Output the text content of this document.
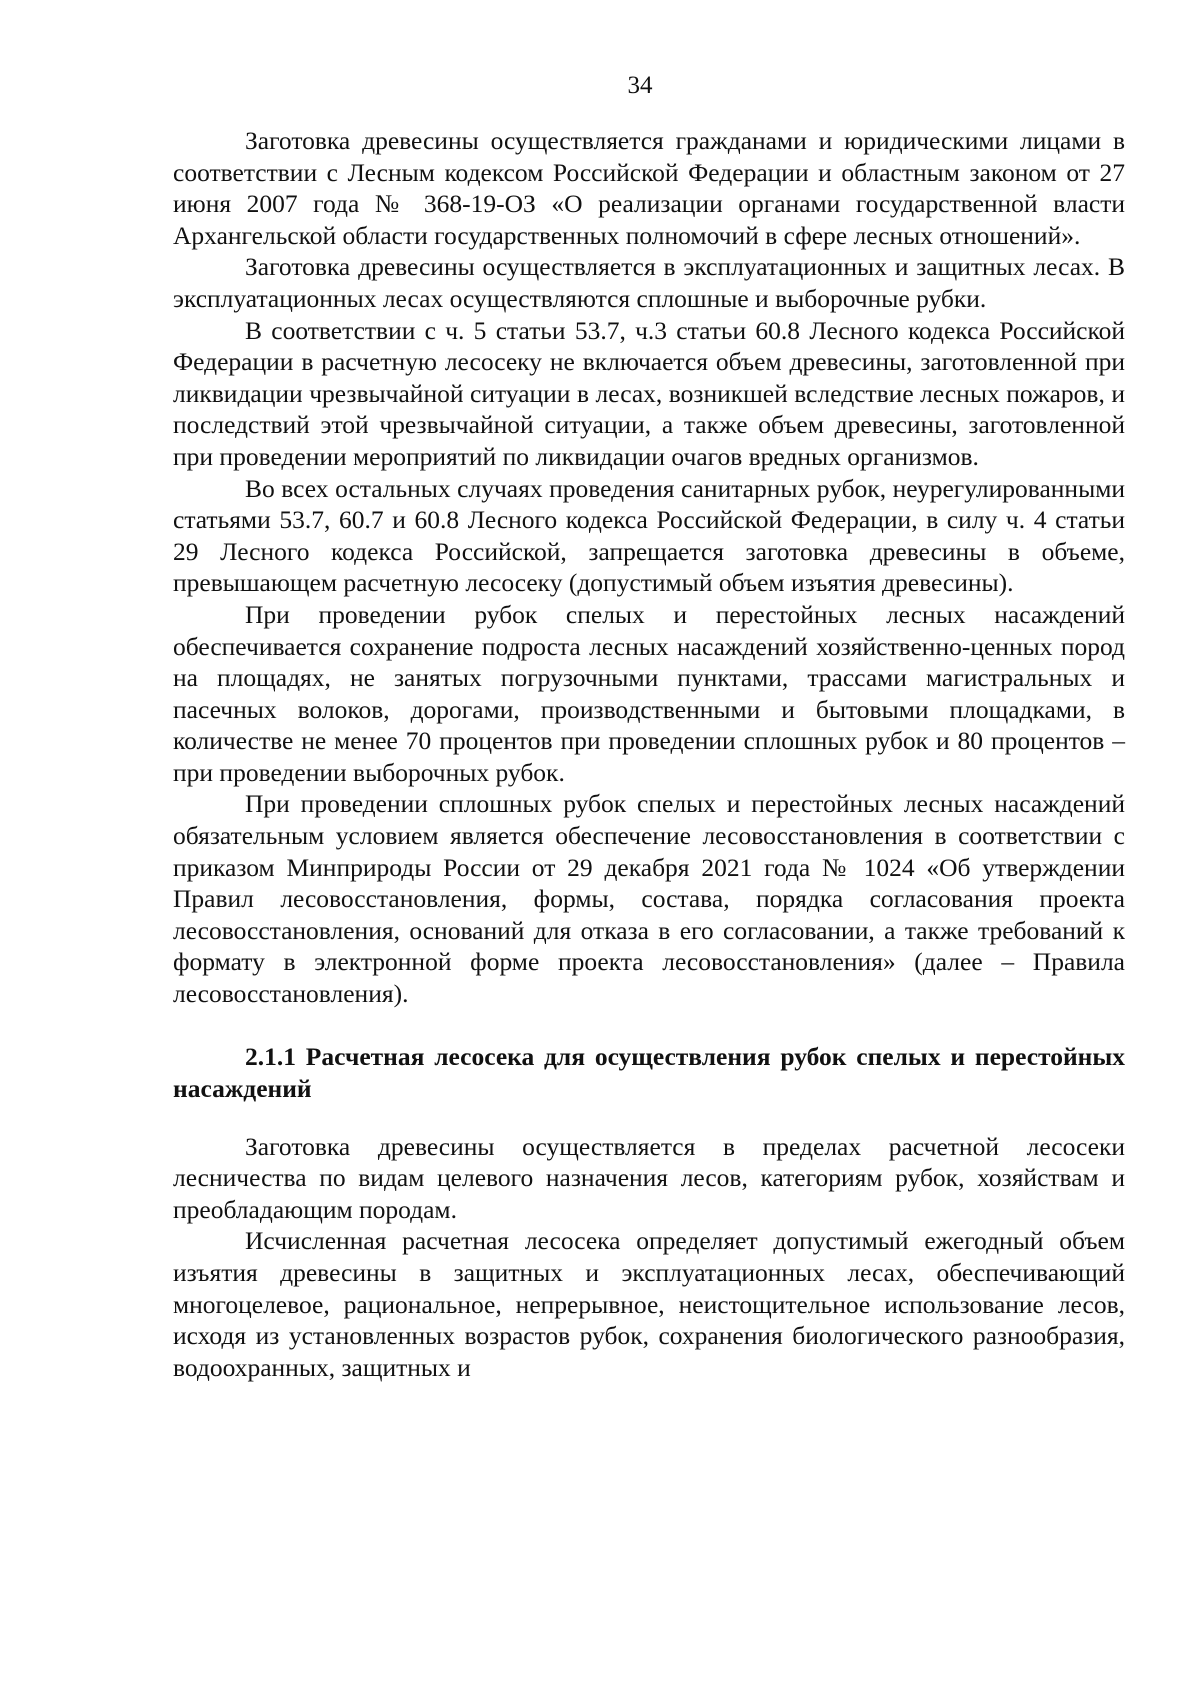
34

Заготовка древесины осуществляется гражданами и юридическими лицами в соответствии с Лесным кодексом Российской Федерации и областным законом от 27 июня 2007 года № 368-19-ОЗ «О реализации органами государственной власти Архангельской области государственных полномочий в сфере лесных отношений».

Заготовка древесины осуществляется в эксплуатационных и защитных лесах. В эксплуатационных лесах осуществляются сплошные и выборочные рубки.

В соответствии с ч. 5 статьи 53.7, ч.3 статьи 60.8 Лесного кодекса Российской Федерации в расчетную лесосеку не включается объем древесины, заготовленной при ликвидации чрезвычайной ситуации в лесах, возникшей вследствие лесных пожаров, и последствий этой чрезвычайной ситуации, а также объем древесины, заготовленной при проведении мероприятий по ликвидации очагов вредных организмов.

Во всех остальных случаях проведения санитарных рубок, неурегулированными статьями 53.7, 60.7 и 60.8 Лесного кодекса Российской Федерации, в силу ч. 4 статьи 29 Лесного кодекса Российской, запрещается заготовка древесины в объеме, превышающем расчетную лесосеку (допустимый объем изъятия древесины).

При проведении рубок спелых и перестойных лесных насаждений обеспечивается сохранение подроста лесных насаждений хозяйственно-ценных пород на площадях, не занятых погрузочными пунктами, трассами магистральных и пасечных волоков, дорогами, производственными и бытовыми площадками, в количестве не менее 70 процентов при проведении сплошных рубок и 80 процентов – при проведении выборочных рубок.

При проведении сплошных рубок спелых и перестойных лесных насаждений обязательным условием является обеспечение лесовосстановления в соответствии с приказом Минприроды России от 29 декабря 2021 года № 1024 «Об утверждении Правил лесовосстановления, формы, состава, порядка согласования проекта лесовосстановления, оснований для отказа в его согласовании, а также требований к формату в электронной форме проекта лесовосстановления» (далее – Правила лесовосстановления).

2.1.1 Расчетная лесосека для осуществления рубок спелых и перестойных насаждений

Заготовка древесины осуществляется в пределах расчетной лесосеки лесничества по видам целевого назначения лесов, категориям рубок, хозяйствам и преобладающим породам.

Исчисленная расчетная лесосека определяет допустимый ежегодный объем изъятия древесины в защитных и эксплуатационных лесах, обеспечивающий многоцелевое, рациональное, непрерывное, неистощительное использование лесов, исходя из установленных возрастов рубок, сохранения биологического разнообразия, водоохранных, защитных и
